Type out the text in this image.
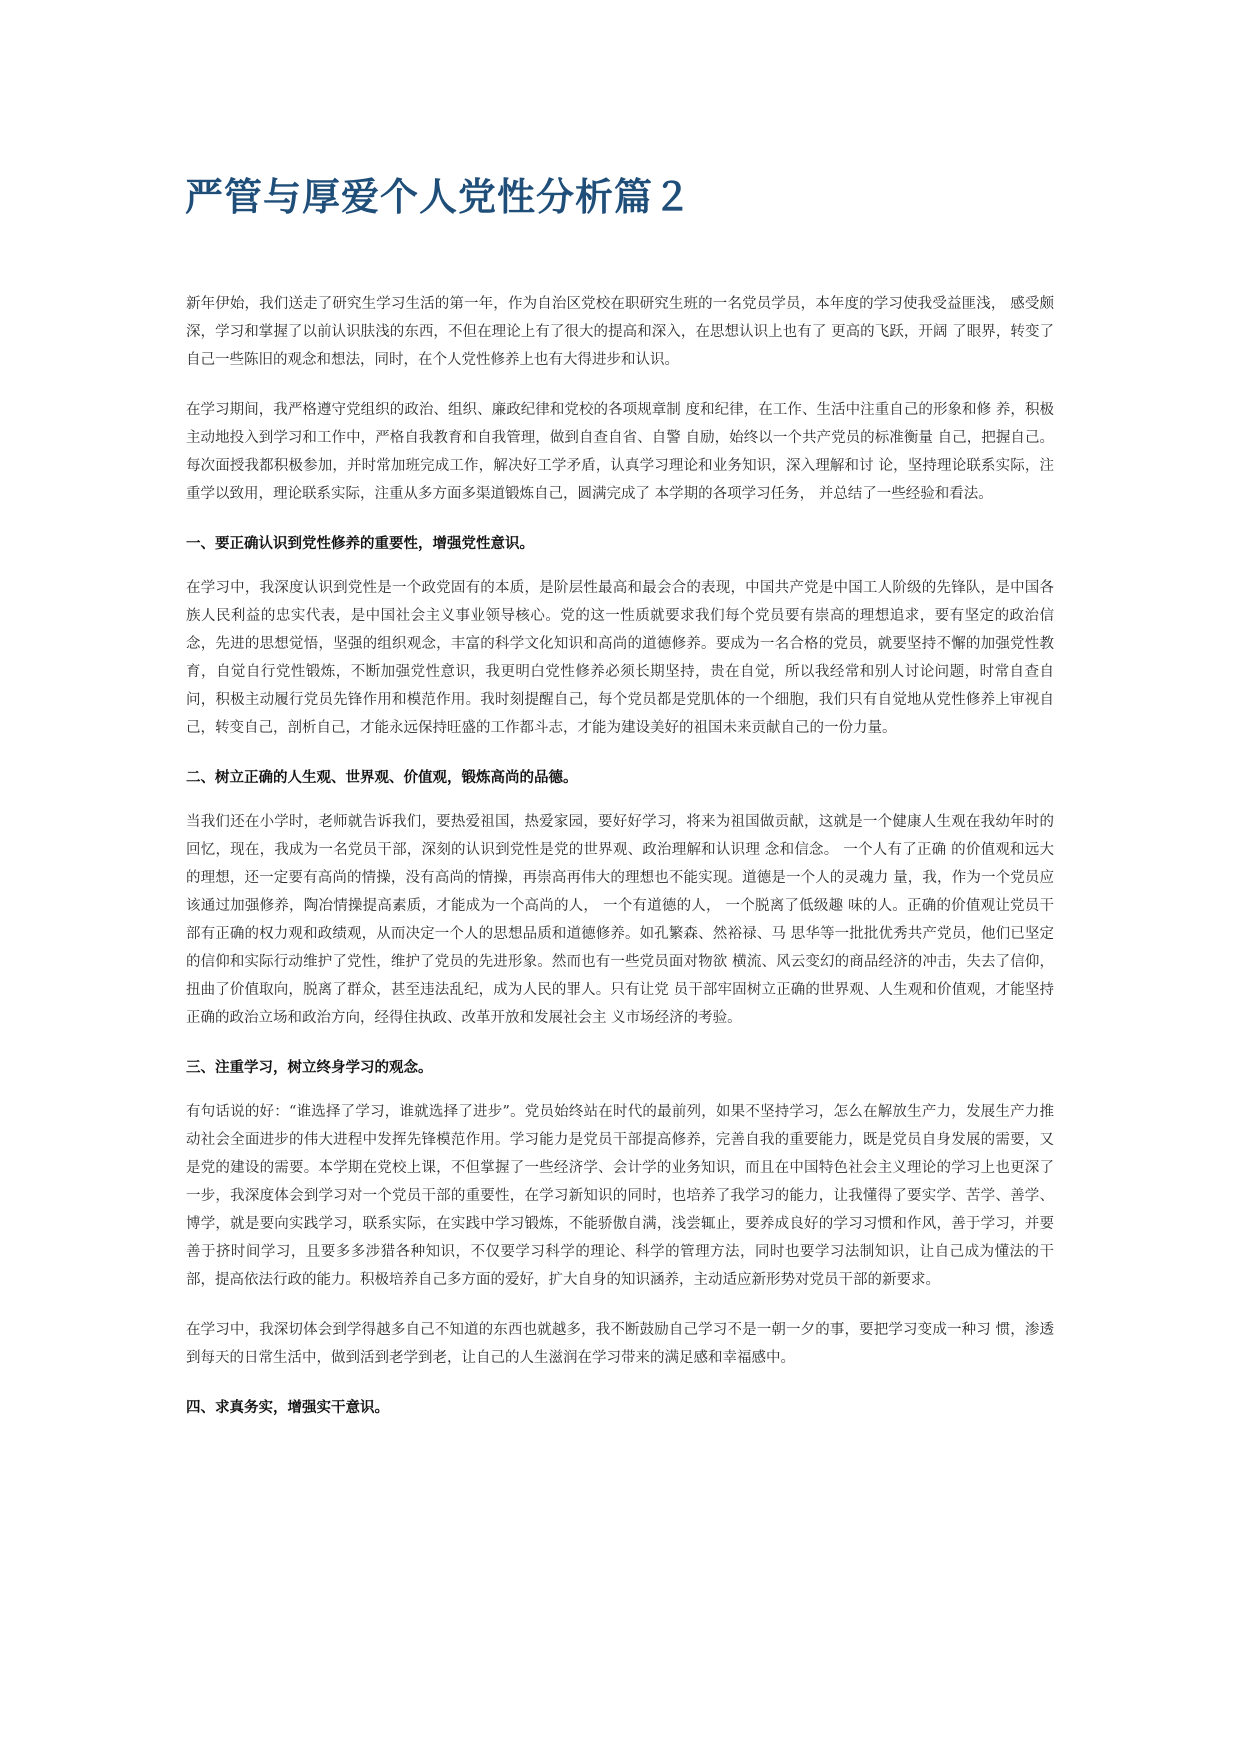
严管与厚爱个人党性分析篇２

新年伊始，我们送走了研究生学习生活的第一年，作为自治区党校在职研究生班的一名党员学员，本年度的学习使我受益匪浅， 感受颇深，学习和掌握了以前认识肤浅的东西，不但在理论上有了很大的提高和深入，在思想认识上也有了 更高的飞跃，开阔 了眼界，转变了自己一些陈旧的观念和想法，同时，在个人党性修养上也有大得进步和认识。

在学习期间，我严格遵守党组织的政治、组织、廉政纪律和党校的各项规章制 度和纪律，在工作、生活中注重自己的形象和修 养，积极主动地投入到学习和工作中，严格自我教育和自我管理，做到自查自省、自警 自励，始终以一个共产党员的标准衡量 自己，把握自己。每次面授我都积极参加，并时常加班完成工作，解决好工学矛盾，认真学习理论和业务知识，深入理解和讨 论，坚持理论联系实际，注重学以致用，理论联系实际，注重从多方面多渠道锻炼自己，圆满完成了 本学期的各项学习任务， 并总结了一些经验和看法。

一、要正确认识到党性修养的重要性，增强党性意识。

在学习中，我深度认识到党性是一个政党固有的本质，是阶层性最高和最会合的表现，中国共产党是中国工人阶级的先锋队，是中国各族人民利益的忠实代表，是中国社会主义事业领导核心。党的这一性质就要求我们每个党员要有崇高的理想追求，要有坚定的政治信念，先进的思想觉悟，坚强的组织观念，丰富的科学文化知识和高尚的道德修养。要成为一名合格的党员，就要坚持不懈的加强党性教育，自觉自行党性锻炼，不断加强党性意识，我更明白党性修养必须长期坚持，贵在自觉，所以我经常和别人讨论问题，时常自查自问，积极主动履行党员先锋作用和模范作用。我时刻提醒自己，每个党员都是党肌体的一个细胞，我们只有自觉地从党性修养上审视自己，转变自己，剖析自己，才能永远保持旺盛的工作都斗志，才能为建设美好的祖国未来贡献自己的一份力量。

二、树立正确的人生观、世界观、价值观，锻炼高尚的品德。

当我们还在小学时，老师就告诉我们，要热爱祖国，热爱家园，要好好学习，将来为祖国做贡献，这就是一个健康人生观在我幼年时的回忆，现在，我成为一名党员干部，深刻的认识到党性是党的世界观、政治理解和认识理 念和信念。 一个人有了正确 的价值观和远大的理想，还一定要有高尚的情操，没有高尚的情操，再崇高再伟大的理想也不能实现。道德是一个人的灵魂力 量，我，作为一个党员应该通过加强修养，陶冶情操提高素质，才能成为一个高尚的人， 一个有道德的人， 一个脱离了低级趣 味的人。正确的价值观让党员干部有正确的权力观和政绩观，从而决定一个人的思想品质和道德修养。如孔繁森、然裕禄、马 思华等一批批优秀共产党员，他们已坚定的信仰和实际行动维护了党性，维护了党员的先进形象。然而也有一些党员面对物欲 横流、风云变幻的商品经济的冲击，失去了信仰，扭曲了价值取向，脱离了群众，甚至违法乱纪，成为人民的罪人。只有让党 员干部牢固树立正确的世界观、人生观和价值观，才能坚持正确的政治立场和政治方向，经得住执政、改革开放和发展社会主 义市场经济的考验。

三、注重学习，树立终身学习的观念。

有句话说的好：“谁选择了学习，谁就选择了进步”。党员始终站在时代的最前列，如果不坚持学习，怎么在解放生产力，发展生产力推动社会全面进步的伟大进程中发挥先锋模范作用。学习能力是党员干部提高修养，完善自我的重要能力，既是党员自身发展的需要，又是党的建设的需要。本学期在党校上课，不但掌握了一些经济学、会计学的业务知识，而且在中国特色社会主义理论的学习上也更深了一步，我深度体会到学习对一个党员干部的重要性，在学习新知识的同时，也培养了我学习的能力，让我懂得了要实学、苦学、善学、博学，就是要向实践学习，联系实际，在实践中学习锻炼，不能骄傲自满，浅尝辄止，要养成良好的学习习惯和作风，善于学习，并要善于挤时间学习，且要多多涉猎各种知识，不仅要学习科学的理论、科学的管理方法，同时也要学习法制知识，让自己成为懂法的干部，提高依法行政的能力。积极培养自己多方面的爱好，扩大自身的知识涵养，主动适应新形势对党员干部的新要求。

在学习中，我深切体会到学得越多自己不知道的东西也就越多，我不断鼓励自己学习不是一朝一夕的事，要把学习变成一种习 惯，渗透到每天的日常生活中，做到活到老学到老，让自己的人生滋润在学习带来的满足感和幸福感中。

四、求真务实，增强实干意识。
